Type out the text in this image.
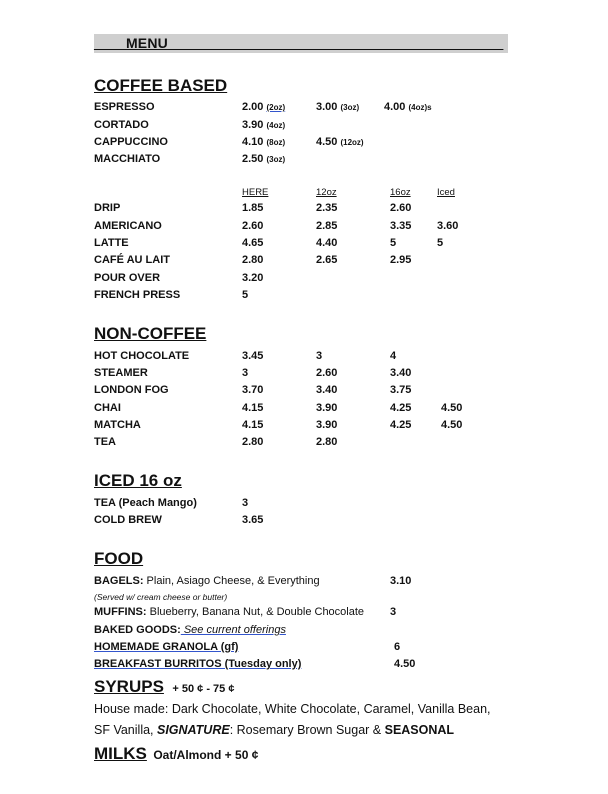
____MENU__________________________________________
COFFEE BASED
ESPRESSO	2.00 (2oz)	3.00 (3oz) 4.00 (4oz)s
CORTADO	3.90 (4oz)
CAPPUCCINO	4.10 (8oz)	4.50 (12oz)
MACCHIATO	2.50 (3oz)
HERE	12oz	16oz	Iced
DRIP	1.85	2.35	2.60
AMERICANO	2.60	2.85	3.35 3.60
LATTE	4.65	4.40	5	5
CAFÉ AU LAIT	2.80	2.65	2.95
POUR OVER	3.20
FRENCH PRESS	5
NON-COFFEE
HOT CHOCOLATE	3.45	3	4
STEAMER	3	2.60	3.40
LONDON FOG	3.70	3.40	3.75
CHAI	4.15	3.90	4.25	4.50
MATCHA	4.15	3.90	4.25	4.50
TEA	2.80	2.80
ICED 16 oz
TEA (Peach Mango)	3
COLD BREW	3.65
FOOD
BAGELS: Plain, Asiago Cheese, & Everything	3.10
(Served w/ cream cheese or butter)
MUFFINS: Blueberry, Banana Nut, & Double Chocolate 3
BAKED GOODS: See current offerings
HOMEMADE GRANOLA (gf)	6
BREAKFAST BURRITOS (Tuesday only)	4.50
SYRUPS + 50 ¢ - 75 ¢
House made: Dark Chocolate, White Chocolate, Caramel, Vanilla Bean,
SF Vanilla, SIGNATURE: Rosemary Brown Sugar & SEASONAL
MILKS Oat/Almond + 50 ¢
